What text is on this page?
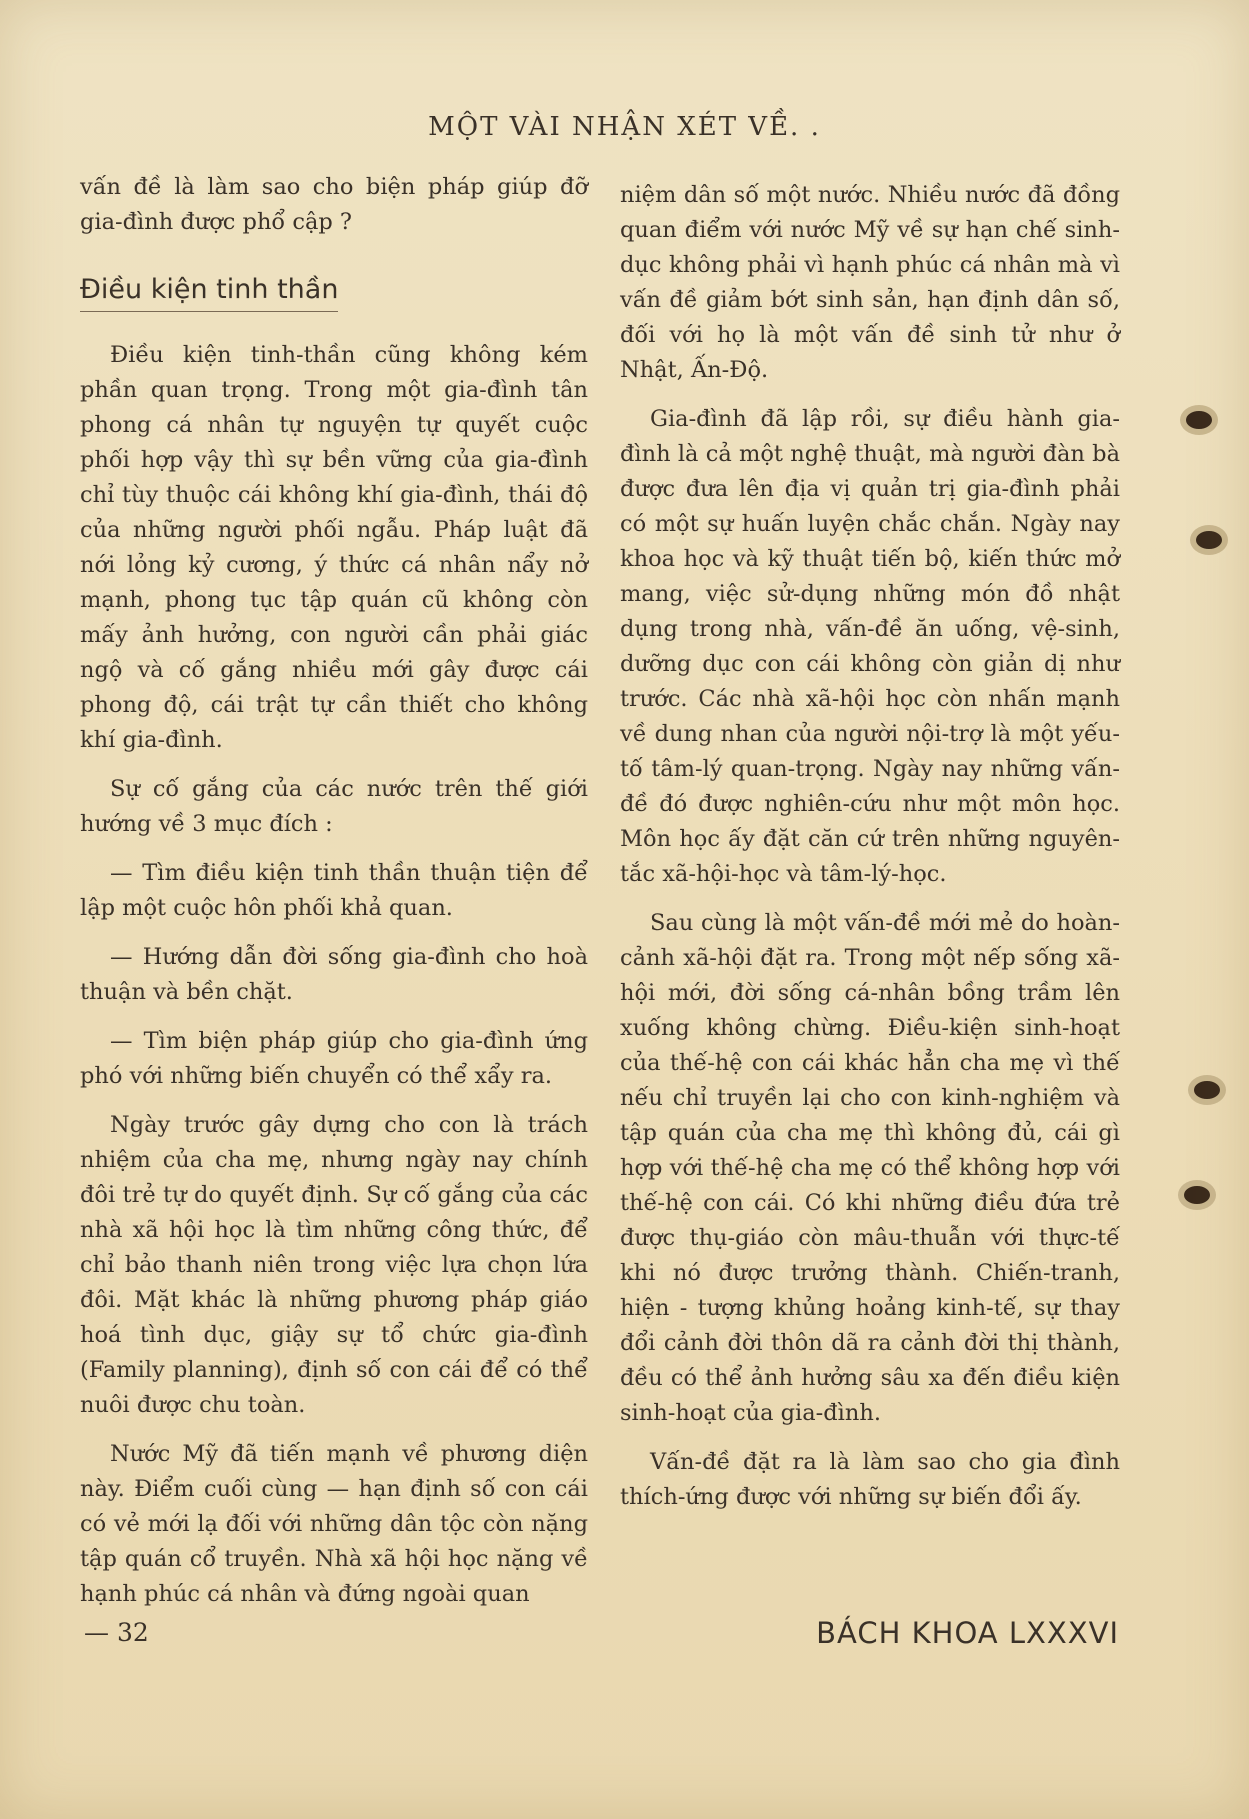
MỘT VÀI NHẬN XÉT VỀ. .

vấn đề là làm sao cho biện pháp giúp đỡ gia-đình được phổ cập ?

Điều kiện tinh thần

Điều kiện tinh-thần cũng không kém phần quan trọng. Trong một gia-đình tân phong cá nhân tự nguyện tự quyết cuộc phối hợp vậy thì sự bền vững của gia-đình chỉ tùy thuộc cái không khí gia-đình, thái độ của những người phối ngẫu. Pháp luật đã nới lỏng kỷ cương, ý thức cá nhân nẩy nở mạnh, phong tục tập quán cũ không còn mấy ảnh hưởng, con người cần phải giác ngộ và cố gắng nhiều mới gây được cái phong độ, cái trật tự cần thiết cho không khí gia-đình.

Sự cố gắng của các nước trên thế giới hướng về 3 mục đích :

— Tìm điều kiện tinh thần thuận tiện để lập một cuộc hôn phối khả quan.

— Hướng dẫn đời sống gia-đình cho hoà thuận và bền chặt.

— Tìm biện pháp giúp cho gia-đình ứng phó với những biến chuyển có thể xẩy ra.

Ngày trước gây dựng cho con là trách nhiệm của cha mẹ, nhưng ngày nay chính đôi trẻ tự do quyết định. Sự cố gắng của các nhà xã hội học là tìm những công thức, để chỉ bảo thanh niên trong việc lựa chọn lứa đôi. Mặt khác là những phương pháp giáo hoá tình dục, giậy sự tổ chức gia-đình (Family planning), định số con cái để có thể nuôi được chu toàn.

Nước Mỹ đã tiến mạnh về phương diện này. Điểm cuối cùng — hạn định số con cái có vẻ mới lạ đối với những dân tộc còn nặng tập quán cổ truyền. Nhà xã hội học nặng về hạnh phúc cá nhân và đứng ngoài quan

niệm dân số một nước. Nhiều nước đã đồng quan điểm với nước Mỹ về sự hạn chế sinh-dục không phải vì hạnh phúc cá nhân mà vì vấn đề giảm bớt sinh sản, hạn định dân số, đối với họ là một vấn đề sinh tử như ở Nhật, Ấn-Độ.

Gia-đình đã lập rồi, sự điều hành gia-đình là cả một nghệ thuật, mà người đàn bà được đưa lên địa vị quản trị gia-đình phải có một sự huấn luyện chắc chắn. Ngày nay khoa học và kỹ thuật tiến bộ, kiến thức mở mang, việc sử-dụng những món đồ nhật dụng trong nhà, vấn-đề ăn uống, vệ-sinh, dưỡng dục con cái không còn giản dị như trước. Các nhà xã-hội học còn nhấn mạnh về dung nhan của người nội-trợ là một yếu-tố tâm-lý quan-trọng. Ngày nay những vấn-đề đó được nghiên-cứu như một môn học. Môn học ấy đặt căn cứ trên những nguyên-tắc xã-hội-học và tâm-lý-học.

Sau cùng là một vấn-đề mới mẻ do hoàn-cảnh xã-hội đặt ra. Trong một nếp sống xã-hội mới, đời sống cá-nhân bồng trầm lên xuống không chừng. Điều-kiện sinh-hoạt của thế-hệ con cái khác hẳn cha mẹ vì thế nếu chỉ truyền lại cho con kinh-nghiệm và tập quán của cha mẹ thì không đủ, cái gì hợp với thế-hệ cha mẹ có thể không hợp với thế-hệ con cái. Có khi những điều đứa trẻ được thụ-giáo còn mâu-thuẫn với thực-tế khi nó được trưởng thành. Chiến-tranh, hiện - tượng khủng hoảng kinh-tế, sự thay đổi cảnh đời thôn dã ra cảnh đời thị thành, đều có thể ảnh hưởng sâu xa đến điều kiện sinh-hoạt của gia-đình.

Vấn-đề đặt ra là làm sao cho gia đình thích-ứng được với những sự biến đổi ấy.

— 32	BÁCH KHOA LXXXVI
